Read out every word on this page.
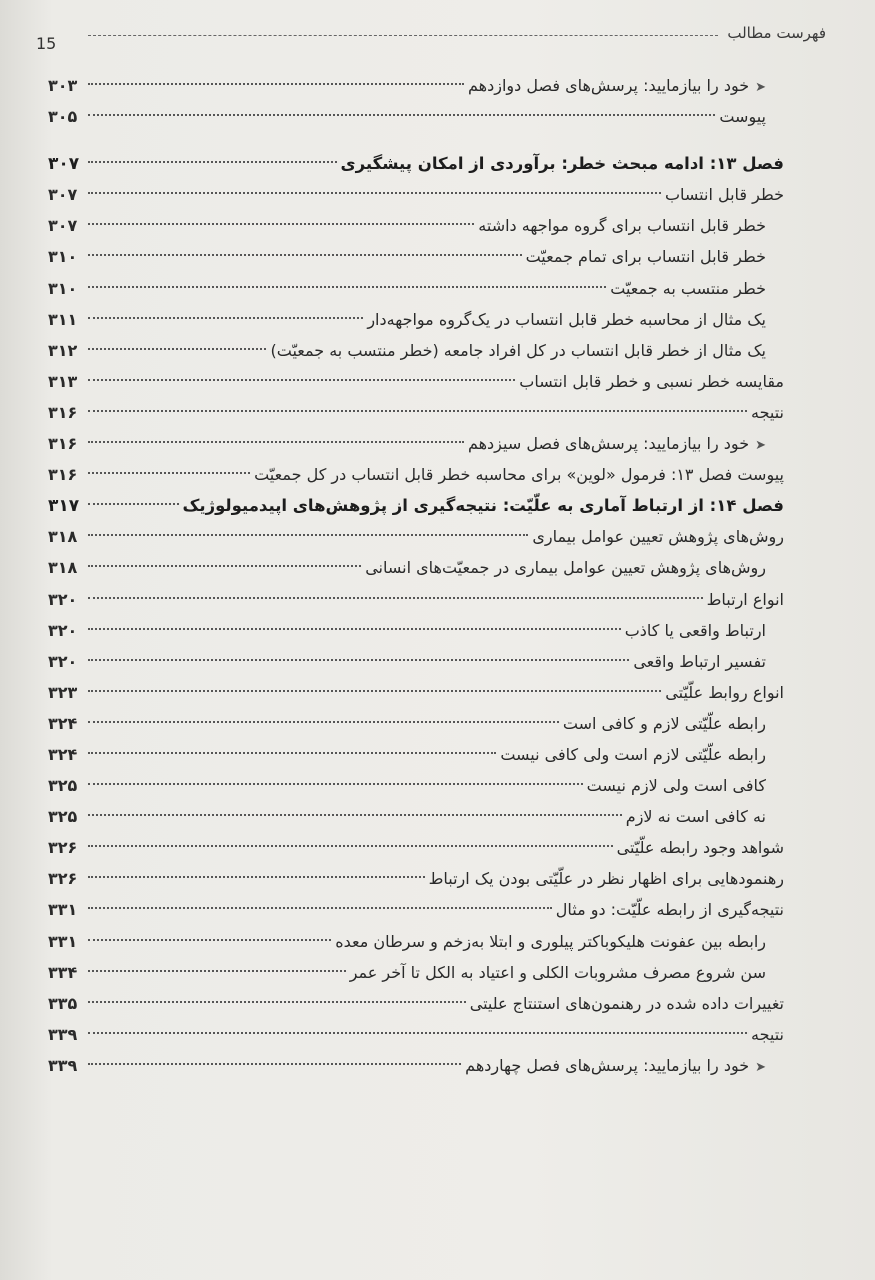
فهرست مطالب
15
➤خود را بیازمایید: پرسش‌های فصل دوازدهم
۳۰۳
پیوست
۳۰۵
فصل ۱۳: ادامه مبحث خطر: برآوردی از امکان پیشگیری
۳۰۷
خطر قابل انتساب
۳۰۷
خطر قابل انتساب برای گروه مواجهه داشته
۳۰۷
خطر قابل انتساب برای تمام جمعیّت
۳۱۰
خطر منتسب به جمعیّت
۳۱۰
یک مثال از محاسبه خطر قابل انتساب در یک‌گروه مواجهه‌دار
۳۱۱
یک مثال از خطر قابل انتساب در کل افراد جامعه (خطر منتسب به جمعیّت)
۳۱۲
مقایسه خطر نسبی و خطر قابل انتساب
۳۱۳
نتیجه
۳۱۶
➤خود را بیازمایید: پرسش‌های فصل سیزدهم
۳۱۶
پیوست فصل ۱۳: فرمول «لوین» برای محاسبه خطر قابل انتساب در کل جمعیّت
۳۱۶
فصل ۱۴: از ارتباط آماری به علّیّت: نتیجه‌گیری از پژوهش‌های اپیدمیولوژیک
۳۱۷
روش‌های پژوهش تعیین عوامل بیماری
۳۱۸
روش‌های پژوهش تعیین عوامل بیماری در جمعیّت‌های انسانی
۳۱۸
انواع ارتباط
۳۲۰
ارتباط واقعی یا کاذب
۳۲۰
تفسیر ارتباط واقعی
۳۲۰
انواع روابط علّیّتی
۳۲۳
رابطه علّیّتی لازم و کافی است
۳۲۴
رابطه علّیّتی لازم است ولی کافی نیست
۳۲۴
کافی است ولی لازم نیست
۳۲۵
نه کافی است نه لازم
۳۲۵
شواهد وجود رابطه علّیّتی
۳۲۶
رهنمودهایی برای اظهار نظر در علّیّتی بودن یک ارتباط
۳۲۶
نتیجه‌گیری از رابطه علّیّت: دو مثال
۳۳۱
رابطه بین عفونت هلیکوباکتر پیلوری و ابتلا به‌زخم و سرطان معده
۳۳۱
سن شروع مصرف مشروبات الکلی و اعتیاد به الکل تا آخر عمر
۳۳۴
تغییرات داده شده در رهنمون‌های استنتاج علیتی
۳۳۵
نتیجه
۳۳۹
➤خود را بیازمایید: پرسش‌های فصل چهاردهم
۳۳۹
